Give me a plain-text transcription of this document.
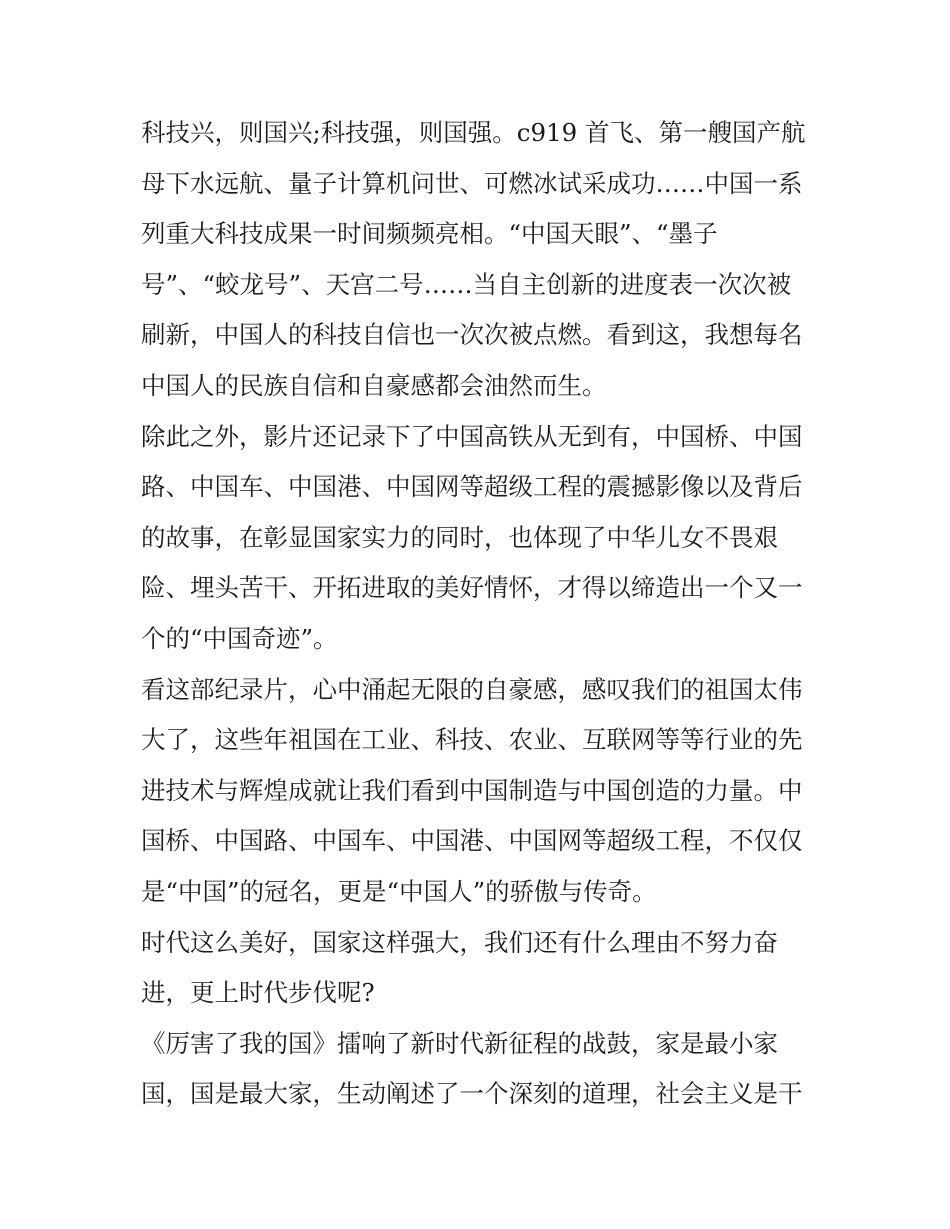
科技兴，则国兴;科技强，则国强。c919 首飞、第一艘国产航
母下水远航、量子计算机问世、可燃冰试采成功……中国一系
列重大科技成果一时间频频亮相。“中国天眼”、“墨子
号”、“蛟龙号”、天宫二号……当自主创新的进度表一次次被
刷新，中国人的科技自信也一次次被点燃。看到这，我想每名
中国人的民族自信和自豪感都会油然而生。
除此之外，影片还记录下了中国高铁从无到有，中国桥、中国
路、中国车、中国港、中国网等超级工程的震撼影像以及背后
的故事，在彰显国家实力的同时，也体现了中华儿女不畏艰
险、埋头苦干、开拓进取的美好情怀，才得以缔造出一个又一
个的“中国奇迹”。
看这部纪录片，心中涌起无限的自豪感，感叹我们的祖国太伟
大了，这些年祖国在工业、科技、农业、互联网等等行业的先
进技术与辉煌成就让我们看到中国制造与中国创造的力量。中
国桥、中国路、中国车、中国港、中国网等超级工程，不仅仅
是“中国”的冠名，更是“中国人”的骄傲与传奇。
时代这么美好，国家这样强大，我们还有什么理由不努力奋
进，更上时代步伐呢?
《厉害了我的国》擂响了新时代新征程的战鼓，家是最小家
国，国是最大家，生动阐述了一个深刻的道理，社会主义是干
